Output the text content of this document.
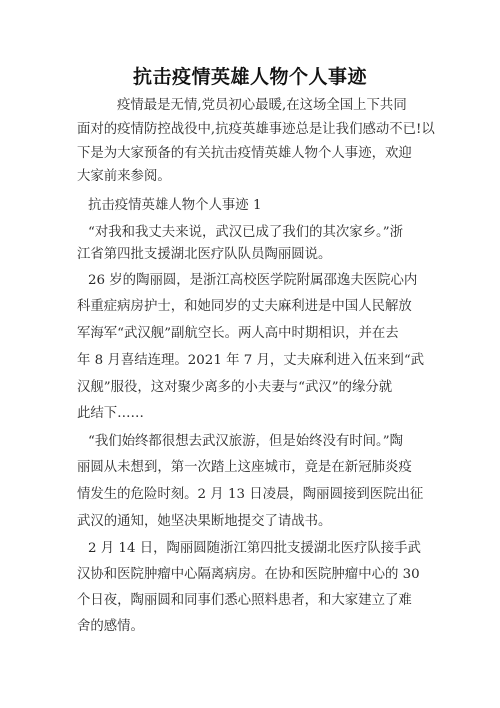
抗击疫情英雄人物个人事迹
疫情最是无情,党员初心最暖,在这场全国上下共同
面对的疫情防控战役中,抗疫英雄事迹总是让我们感动不已!以
下是为大家预备的有关抗击疫情英雄人物个人事迹，欢迎
大家前来参阅。
抗击疫情英雄人物个人事迹 1
“对我和我丈夫来说，武汉已成了我们的其次家乡。”浙
江省第四批支援湖北医疗队队员陶丽圆说。
26 岁的陶丽圆，是浙江高校医学院附属邵逸夫医院心内
科重症病房护士，和她同岁的丈夫麻利进是中国人民解放
军海军“武汉舰”副航空长。两人高中时期相识，并在去
年 8 月喜结连理。2021 年 7 月，丈夫麻利进入伍来到“武
汉舰”服役，这对聚少离多的小夫妻与“武汉”的缘分就
此结下……
“我们始终都很想去武汉旅游，但是始终没有时间。”陶
丽圆从未想到，第一次踏上这座城市，竟是在新冠肺炎疫
情发生的危险时刻。2 月 13 日凌晨，陶丽圆接到医院出征
武汉的通知，她坚决果断地提交了请战书。
2 月 14 日，陶丽圆随浙江第四批支援湖北医疗队接手武
汉协和医院肿瘤中心隔离病房。在协和医院肿瘤中心的 30
个日夜，陶丽圆和同事们悉心照料患者，和大家建立了难
舍的感情。
